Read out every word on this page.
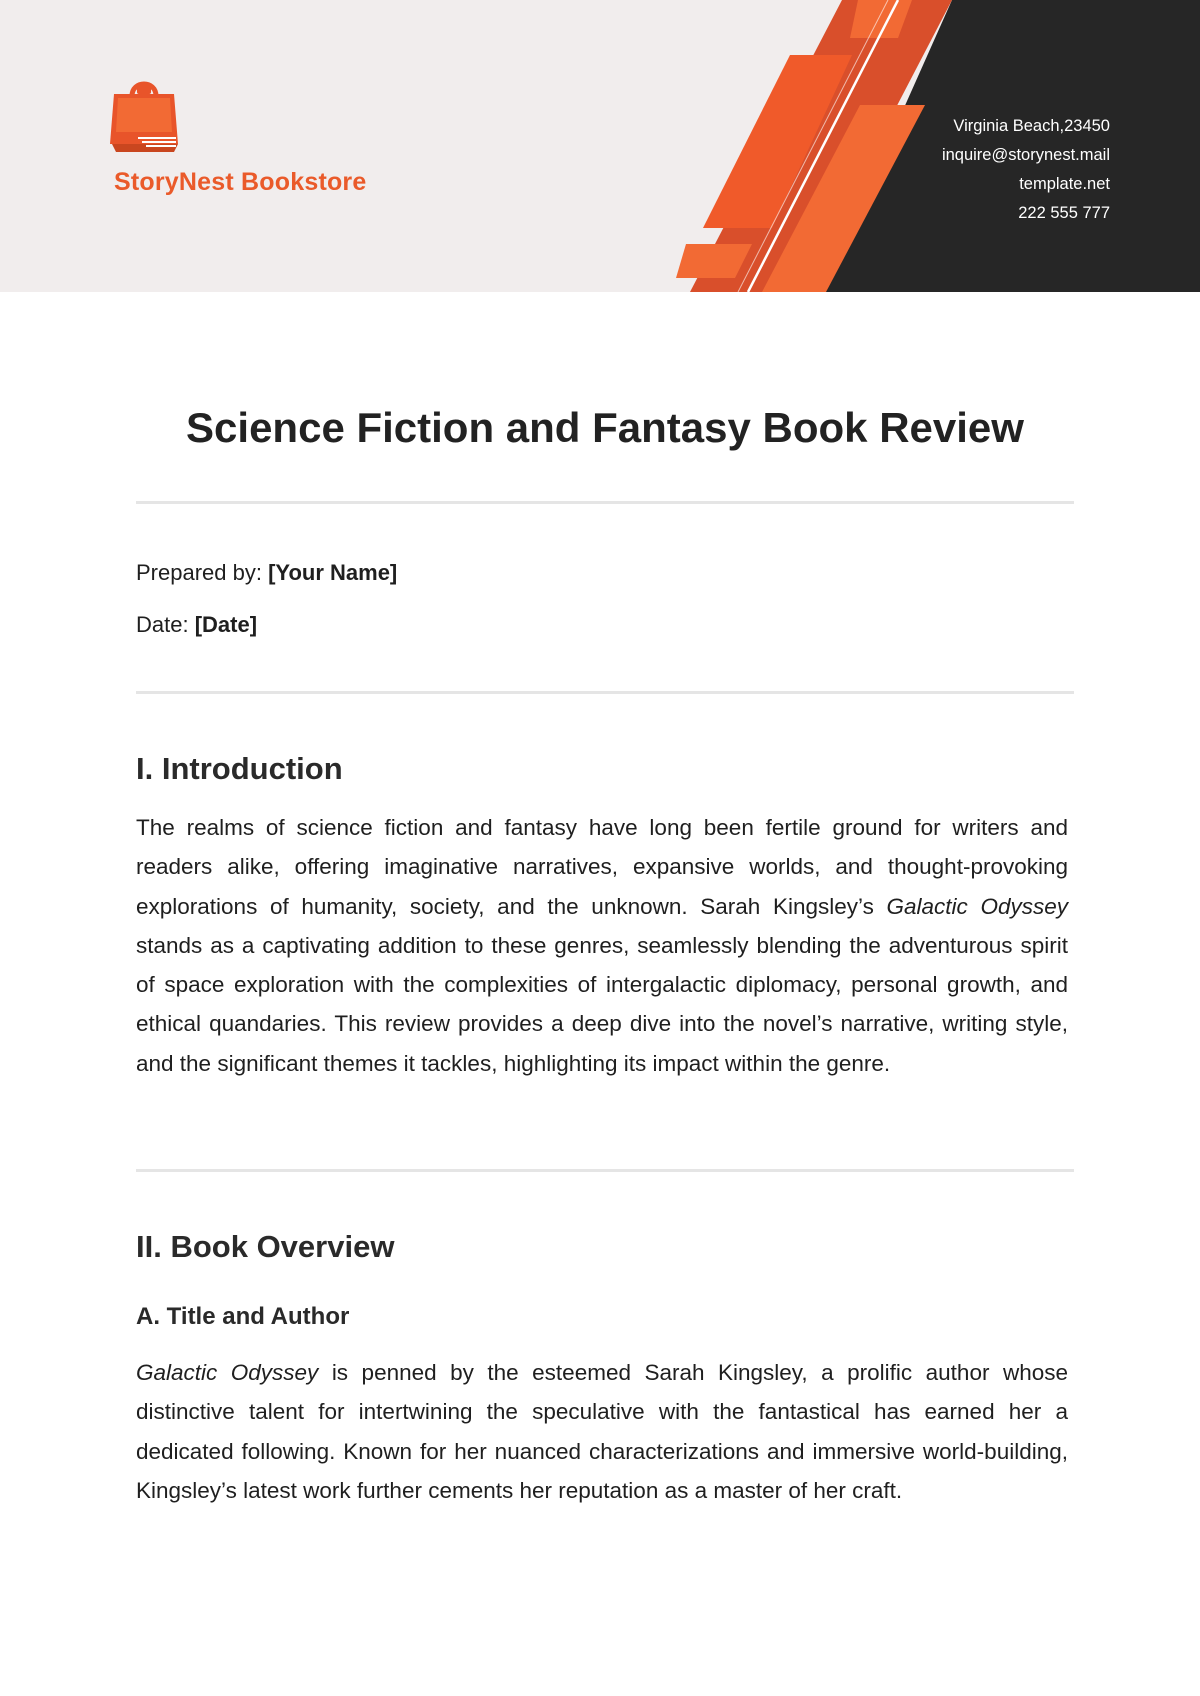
StoryNest Bookstore
Virginia Beach,23450
inquire@storynest.mail
template.net
222 555 777
Science Fiction and Fantasy Book Review
Prepared by: [Your Name]
Date: [Date]
I. Introduction

The realms of science fiction and fantasy have long been fertile ground for writers and readers alike, offering imaginative narratives, expansive worlds, and thought-provoking explorations of humanity, society, and the unknown. Sarah Kingsley’s Galactic Odyssey stands as a captivating addition to these genres, seamlessly blending the adventurous spirit of space exploration with the complexities of intergalactic diplomacy, personal growth, and ethical quandaries. This review provides a deep dive into the novel’s narrative, writing style, and the significant themes it tackles, highlighting its impact within the genre.

II. Book Overview
A. Title and Author

Galactic Odyssey is penned by the esteemed Sarah Kingsley, a prolific author whose distinctive talent for intertwining the speculative with the fantastical has earned her a dedicated following. Known for her nuanced characterizations and immersive world-building, Kingsley’s latest work further cements her reputation as a master of her craft.
